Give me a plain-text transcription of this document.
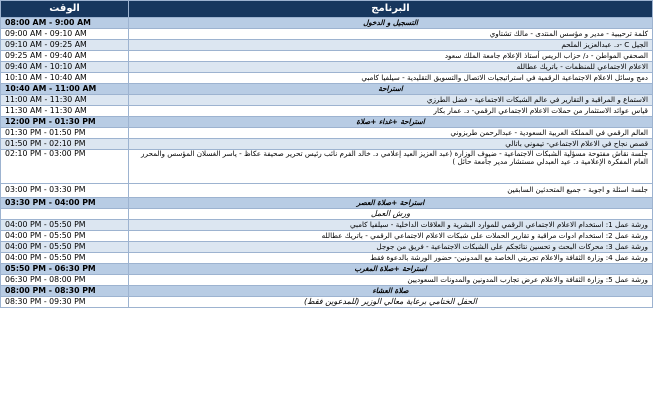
البرنامج	الوقت
التسجيل و الدخول	08:00 AM - 9:00 AM
كلمة ترحيبية - مدير و مؤسس المنتدى - مالك تشتاوي	09:00 AM - 09:10 AM
الجيل C -د. عبدالعزيز الملحم	09:10 AM - 09:25 AM
الصحفي المواطن - د/ حزاب الريس أستاذ الإعلام جامعة الملك سعود	09:25 AM - 09:40 AM
الاعلام الاجتماعي للمنظمات - باتريك عطالله	09:40 AM - 10:10 AM
دمج وسائل الاعلام الاجتماعية الرقمية في استراتيجيات الاتصال والتسويق التقليدية - سيلفيا كامبي	10:10 AM - 10:40 AM
استراحة	10:40 AM - 11:00 AM
الاستماع و المراقبة و التقارير في عالم الشبكات الاجتماعية - فضل الطرزي	11:00 AM - 11:30 AM
قياس عوائد الاستثمار من حملات الاعلام الاجتماعي الرقمي- د. عمار بكار	11:30 AM - 11:30 AM
استراحة +غداء +صلاة	12:00 PM - 01:30 PM
العالم الرقمي في المملكة العربية السعودية - عبدالرحمن طربزوني	01:30 PM - 01:50 PM
قصص نجاح في الاعلام الاجتماعي- تيموني باتالي	01:50 PM - 02:10 PM
جلسة نقاش مفتوحة مسؤلية الشبكات الاجتماعية - ضيوف الوزارة (عبد العزيز العيد إعلامي د. خالد الفرم نائب رئيس تحرير صحيفة عكاظ - ياسر الغسلان المؤسس والمحرر العام المفكرة الإعلامية د. عيد العبدلي مستشار مدير جامعة حائل )	02:10 PM - 03:00 PM
جلسة اسئلة و اجوبة - جميع المتحدثين السابقين	03:00 PM - 03:30 PM
استراحة +صلاة العصر	03:30 PM - 04:00 PM
ورش العمل	
ورشة عمل 1: استخدام الاعلام الاجتماعي الرقمي للموارد البشرية و العلاقات الداخلية - سيلفيا كامبي	04:00 PM - 05:50 PM
ورشة عمل 2: استخدام ادوات مراقبة و تقارير الحملات على شبكات الاعلام الاجتماعي الرقمي - باتريك عطالله	04:00 PM - 05:50 PM
ورشة عمل 3: محركات البحث و تحسين نتائجكم على الشبكات الاجتماعية - فريق من جوجل	04:00 PM - 05:50 PM
ورشة عمل 4: وزارة الثقافة والاعلام تجربتي الخاصة مع المدونين- حضور الورشة بالدعوة فقط	04:00 PM - 05:50 PM
استراحة +صلاة المغرب	05:50 PM - 06:30 PM
ورشة عمل 5: وزارة الثقافة والاعلام عرض تجارب المدونين والمدونات السعوديين	06:30 PM - 08:00 PM
صلاة العشاء	08:00 PM - 08:30 PM
الحفل الختامي برعاية معالي الوزير (للمدعوين فقط)	08:30 PM - 09:30 PM
